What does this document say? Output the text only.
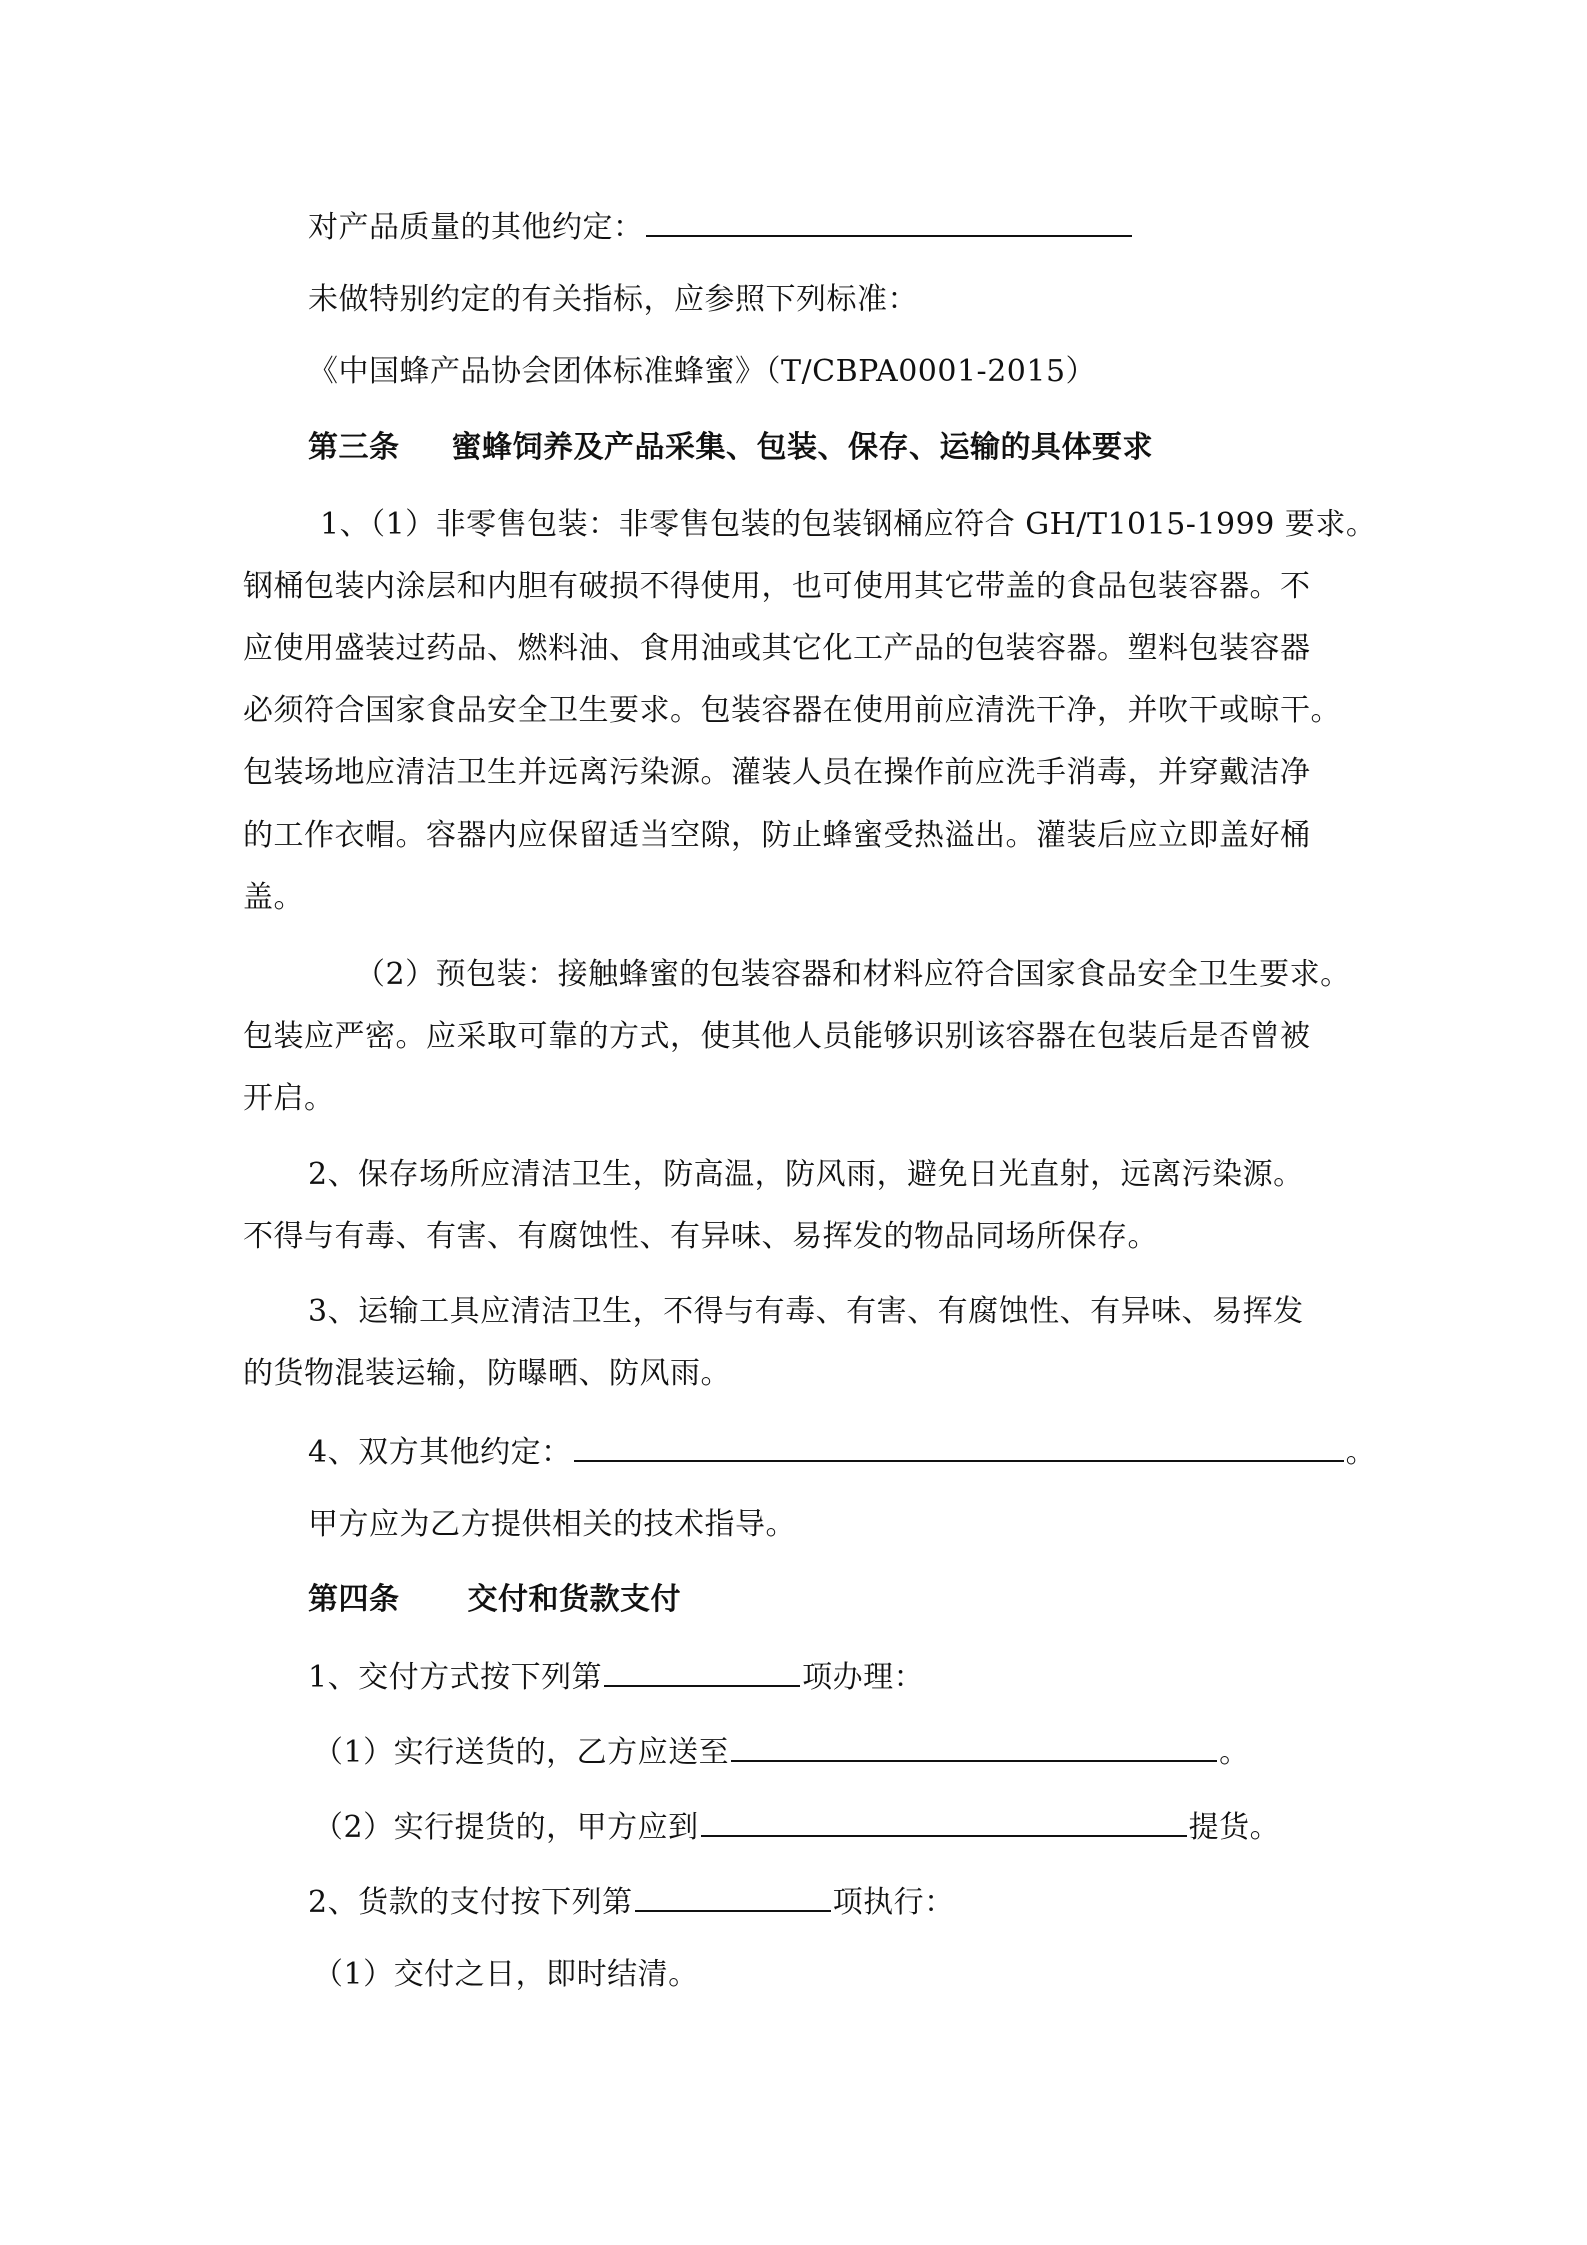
对产品质量的其他约定：
未做特别约定的有关指标，应参照下列标准：
《中国蜂产品协会团体标准蜂蜜》（T/CBPA0001-2015）
第三条 蜜蜂饲养及产品采集、包装、保存、运输的具体要求
1、（1）非零售包装：非零售包装的包装钢桶应符合 GH/T1015-1999 要求。
钢桶包装内涂层和内胆有破损不得使用，也可使用其它带盖的食品包装容器。不
应使用盛装过药品、燃料油、食用油或其它化工产品的包装容器。塑料包装容器
必须符合国家食品安全卫生要求。包装容器在使用前应清洗干净，并吹干或晾干。
包装场地应清洁卫生并远离污染源。灌装人员在操作前应洗手消毒，并穿戴洁净
的工作衣帽。容器内应保留适当空隙，防止蜂蜜受热溢出。灌装后应立即盖好桶
盖。
（2）预包装：接触蜂蜜的包装容器和材料应符合国家食品安全卫生要求。
包装应严密。应采取可靠的方式，使其他人员能够识别该容器在包装后是否曾被
开启。
2、保存场所应清洁卫生，防高温，防风雨，避免日光直射，远离污染源。
不得与有毒、有害、有腐蚀性、有异味、易挥发的物品同场所保存。
3、运输工具应清洁卫生，不得与有毒、有害、有腐蚀性、有异味、易挥发
的货物混装运输，防曝晒、防风雨。
4、双方其他约定：	。
甲方应为乙方提供相关的技术指导。
第四条 交付和货款支付
1、交付方式按下列第	项办理：
（1）实行送货的，乙方应送至	。
（2）实行提货的，甲方应到	提货。
2、货款的支付按下列第	项执行：
（1）交付之日，即时结清。
